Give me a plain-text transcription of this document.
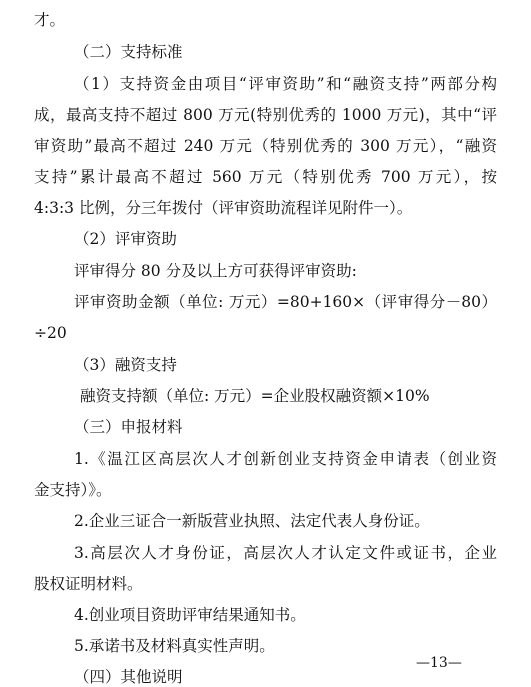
才。
（二）支持标准
（1）支持资金由项目“评审资助”和“融资支持”两部分构
成，最高支持不超过 800 万元(特别优秀的 1000 万元)，其中“评
审资助”最高不超过 240 万元（特别优秀的 300 万元），“融资
支持”累计最高不超过 560 万元（特别优秀 700 万元），按
4:3:3 比例，分三年拨付（评审资助流程详见附件一）。
（2）评审资助
评审得分 80 分及以上方可获得评审资助:
评审资助金额（单位: 万元）=80+160×（评审得分－80）
÷20
（3）融资支持
融资支持额（单位: 万元）=企业股权融资额×10%
（三）申报材料
1.《温江区高层次人才创新创业支持资金申请表（创业资
金支持）》。
2.企业三证合一新版营业执照、法定代表人身份证。
3.高层次人才身份证，高层次人才认定文件或证书，企业
股权证明材料。
4.创业项目资助评审结果通知书。
5.承诺书及材料真实性声明。
（四）其他说明
—13—
